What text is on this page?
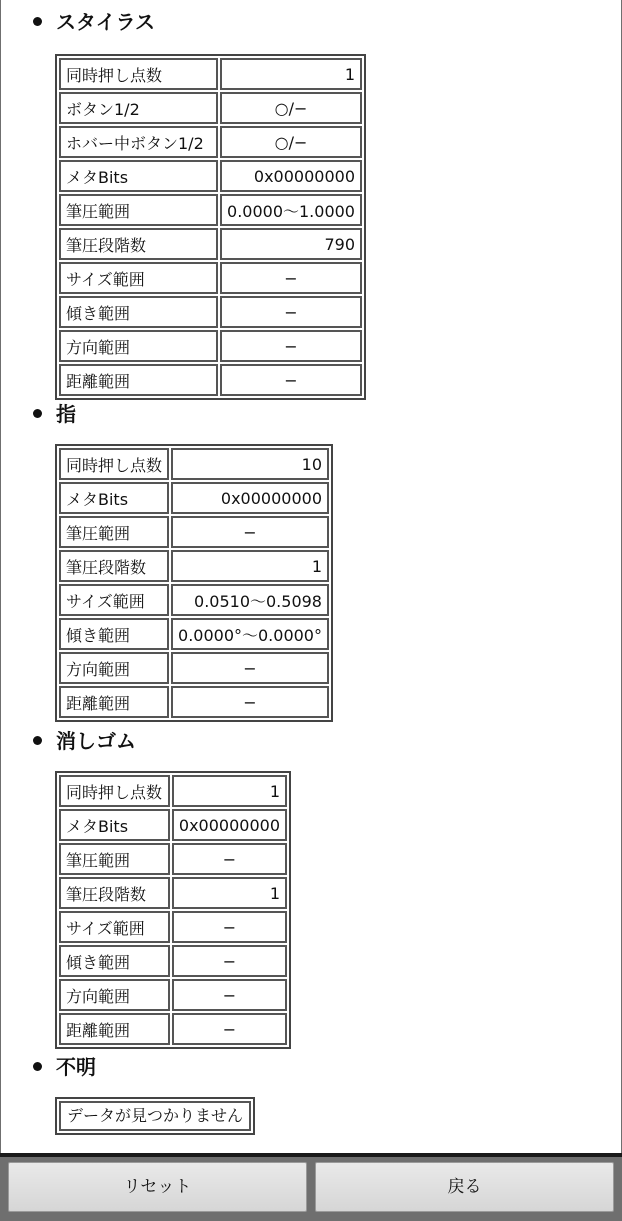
スタイラス
同時押し点数	1
ボタン1/2	○/−
ホバー中ボタン1/2	○/−
メタBits	0x00000000
筆圧範囲	0.0000〜1.0000
筆圧段階数	790
サイズ範囲	−
傾き範囲	−
方向範囲	−
距離範囲	−
指
同時押し点数	10
メタBits	0x00000000
筆圧範囲	−
筆圧段階数	1
サイズ範囲	0.0510〜0.5098
傾き範囲	0.0000°〜0.0000°
方向範囲	−
距離範囲	−
消しゴム
同時押し点数	1
メタBits	0x00000000
筆圧範囲	−
筆圧段階数	1
サイズ範囲	−
傾き範囲	−
方向範囲	−
距離範囲	−
不明
データが見つかりません
リセット	戻る
